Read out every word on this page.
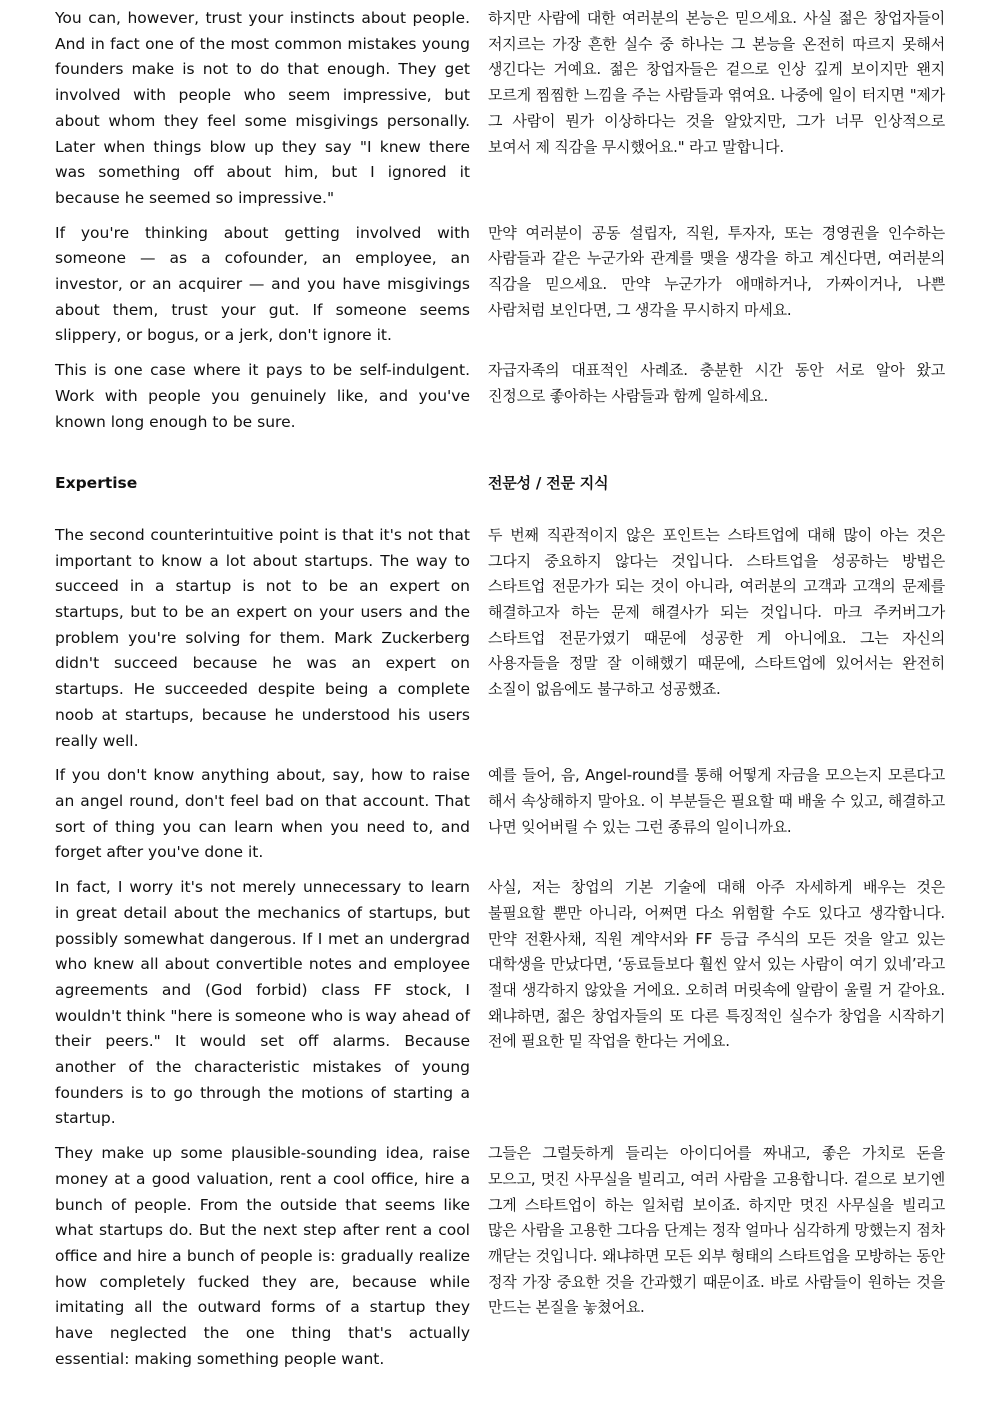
You can, however, trust your instincts about people. And in fact one of the most common mistakes young founders make is not to do that enough. They get involved with people who seem impressive, but about whom they feel some misgivings personally. Later when things blow up they say "I knew there was something off about him, but I ignored it because he seemed so impressive."
하지만 사람에 대한 여러분의 본능은 믿으세요. 사실 젊은 창업자들이 저지르는 가장 흔한 실수 중 하나는 그 본능을 온전히 따르지 못해서 생긴다는 거예요. 젊은 창업자들은 겉으로 인상 깊게 보이지만 왠지 모르게 찜찜한 느낌을 주는 사람들과 엮여요. 나중에 일이 터지면 "제가 그 사람이 뭔가 이상하다는 것을 알았지만, 그가 너무 인상적으로 보여서 제 직감을 무시했어요." 라고 말합니다.
If you're thinking about getting involved with someone — as a cofounder, an employee, an investor, or an acquirer — and you have misgivings about them, trust your gut. If someone seems slippery, or bogus, or a jerk, don't ignore it.
만약 여러분이 공동 설립자, 직원, 투자자, 또는 경영권을 인수하는 사람들과 같은 누군가와 관계를 맺을 생각을 하고 계신다면, 여러분의 직감을 믿으세요. 만약 누군가가 애매하거나, 가짜이거나, 나쁜 사람처럼 보인다면, 그 생각을 무시하지 마세요.
This is one case where it pays to be self-indulgent. Work with people you genuinely like, and you've known long enough to be sure.
자급자족의 대표적인 사례죠. 충분한 시간 동안 서로 알아 왔고 진정으로 좋아하는 사람들과 함께 일하세요.
Expertise	전문성 / 전문 지식
The second counterintuitive point is that it's not that important to know a lot about startups. The way to succeed in a startup is not to be an expert on startups, but to be an expert on your users and the problem you're solving for them. Mark Zuckerberg didn't succeed because he was an expert on startups. He succeeded despite being a complete noob at startups, because he understood his users really well.
두 번째 직관적이지 않은 포인트는 스타트업에 대해 많이 아는 것은 그다지 중요하지 않다는 것입니다. 스타트업을 성공하는 방법은 스타트업 전문가가 되는 것이 아니라, 여러분의 고객과 고객의 문제를 해결하고자 하는 문제 해결사가 되는 것입니다. 마크 주커버그가 스타트업 전문가였기 때문에 성공한 게 아니에요. 그는 자신의 사용자들을 정말 잘 이해했기 때문에, 스타트업에 있어서는 완전히 소질이 없음에도 불구하고 성공했죠.
If you don't know anything about, say, how to raise an angel round, don't feel bad on that account. That sort of thing you can learn when you need to, and forget after you've done it.
예를 들어, 음, Angel-round를 통해 어떻게 자금을 모으는지 모른다고 해서 속상해하지 말아요. 이 부분들은 필요할 때 배울 수 있고, 해결하고 나면 잊어버릴 수 있는 그런 종류의 일이니까요.
In fact, I worry it's not merely unnecessary to learn in great detail about the mechanics of startups, but possibly somewhat dangerous. If I met an undergrad who knew all about convertible notes and employee agreements and (God forbid) class FF stock, I wouldn't think "here is someone who is way ahead of their peers." It would set off alarms. Because another of the characteristic mistakes of young founders is to go through the motions of starting a startup.
사실, 저는 창업의 기본 기술에 대해 아주 자세하게 배우는 것은 불필요할 뿐만 아니라, 어쩌면 다소 위험할 수도 있다고 생각합니다. 만약 전환사채, 직원 계약서와 FF 등급 주식의 모든 것을 알고 있는 대학생을 만났다면, ‘동료들보다 훨씬 앞서 있는 사람이 여기 있네’라고 절대 생각하지 않았을 거에요. 오히려 머릿속에 알람이 울릴 거 같아요. 왜냐하면, 젊은 창업자들의 또 다른 특징적인 실수가 창업을 시작하기 전에 필요한 밑 작업을 한다는 거에요.
They make up some plausible-sounding idea, raise money at a good valuation, rent a cool office, hire a bunch of people. From the outside that seems like what startups do. But the next step after rent a cool office and hire a bunch of people is: gradually realize how completely fucked they are, because while imitating all the outward forms of a startup they have neglected the one thing that's actually essential: making something people want.
그들은 그럴듯하게 들리는 아이디어를 짜내고, 좋은 가치로 돈을 모으고, 멋진 사무실을 빌리고, 여러 사람을 고용합니다. 겉으로 보기엔 그게 스타트업이 하는 일처럼 보이죠. 하지만 멋진 사무실을 빌리고 많은 사람을 고용한 그다음 단계는 정작 얼마나 심각하게 망했는지 점차 깨닫는 것입니다. 왜냐하면 모든 외부 형태의 스타트업을 모방하는 동안 정작 가장 중요한 것을 간과했기 때문이죠. 바로 사람들이 원하는 것을 만드는 본질을 놓쳤어요.
